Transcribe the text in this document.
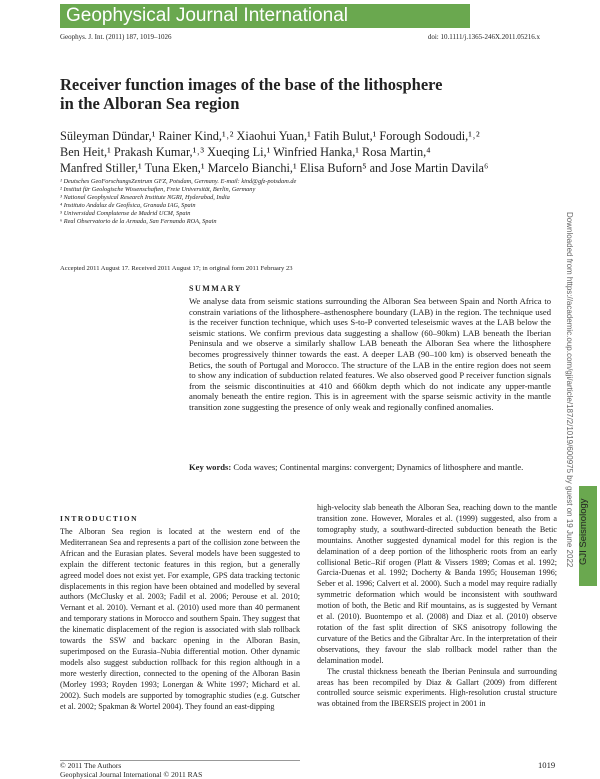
Geophysical Journal International
Geophys. J. Int. (2011) 187, 1019–1026	doi: 10.1111/j.1365-246X.2011.05216.x
Receiver function images of the base of the lithosphere
in the Alboran Sea region
Süleyman Dündar,¹ Rainer Kind,¹˒² Xiaohui Yuan,¹ Fatih Bulut,¹ Forough Sodoudi,¹˒²
Ben Heit,¹ Prakash Kumar,¹˒³ Xueqing Li,¹ Winfried Hanka,¹ Rosa Martin,⁴
Manfred Stiller,¹ Tuna Eken,¹ Marcelo Bianchi,¹ Elisa Buforn⁵ and Jose Martin Davila⁶
¹ Deutsches GeoForschungsZentrum GFZ, Potsdam, Germany. E-mail: kind@gfz-potsdam.de
² Institut für Geologische Wissenschaften, Freie Universität, Berlin, Germany
³ National Geophysical Research Institute NGRI, Hyderabad, India
⁴ Instituto Andaluz de Geofísica, Granada IAG, Spain
⁵ Universidad Complutense de Madrid UCM, Spain
⁶ Real Observatorio de la Armada, San Fernando ROA, Spain
Accepted 2011 August 17. Received 2011 August 17; in original form 2011 February 23
SUMMARY

We analyse data from seismic stations surrounding the Alboran Sea between Spain and North Africa to constrain variations of the lithosphere–asthenosphere boundary (LAB) in the region. The technique used is the receiver function technique, which uses S-to-P converted teleseismic waves at the LAB below the seismic stations. We confirm previous data suggesting a shallow (60–90km) LAB beneath the Iberian Peninsula and we observe a similarly shallow LAB beneath the Alboran Sea where the lithosphere becomes progressively thinner towards the east. A deeper LAB (90–100 km) is observed beneath the Betics, the south of Portugal and Morocco. The structure of the LAB in the entire region does not seem to show any indication of subduction related features. We also observed good P receiver function signals from the seismic discontinuities at 410 and 660km depth which do not indicate any upper-mantle anomaly beneath the entire region. This is in agreement with the sparse seismic activity in the mantle transition zone suggesting the presence of only weak and regionally confined anomalies.

Key words: Coda waves; Continental margins: convergent; Dynamics of lithosphere and mantle.
INTRODUCTION

The Alboran Sea region is located at the western end of the Mediterranean Sea and represents a part of the collision zone between the African and the Eurasian plates. Several models have been suggested to explain the different tectonic features in this region, but a generally agreed model does not exist yet. For example, GPS data tracking tectonic displacements in this region have been obtained and modelled by several authors (McClusky et al. 2003; Fadil et al. 2006; Perouse et al. 2010; Vernant et al. 2010). Vernant et al. (2010) used more than 40 permanent and temporary stations in Morocco and southern Spain. They suggest that the kinematic displacement of the region is associated with slab rollback towards the SSW and backarc opening in the Alboran Basin, superimposed on the Eurasia–Nubia differential motion. Other dynamic models also suggest subduction rollback for this region although in a more westerly direction, connected to the opening of the Alboran Basin (Morley 1993; Royden 1993; Lonergan & White 1997; Michard et al. 2002). Such models are supported by tomographic studies (e.g. Gutscher et al. 2002; Spakman & Wortel 2004). They found an east-dipping

high-velocity slab beneath the Alboran Sea, reaching down to the mantle transition zone. However, Morales et al. (1999) suggested, also from a tomography study, a southward-directed subduction beneath the Betic mountains. Another suggested dynamical model for this region is the delamination of a deep portion of the lithospheric roots from an early collisional Betic–Rif orogen (Platt & Vissers 1989; Comas et al. 1992; Garcia-Duenas et al. 1992; Docherty & Banda 1995; Houseman 1996; Seber et al. 1996; Calvert et al. 2000). Such a model may require radially symmetric deformation which would be inconsistent with southward motion of both, the Betic and Rif mountains, as is suggested by Vernant et al. (2010). Buontempo et al. (2008) and Diaz et al. (2010) observe rotation of the fast split direction of SKS anisotropy following the curvature of the Betics and the Gibraltar Arc. In the interpretation of their observations, they favour the slab rollback model rather than the delamination model.

The crustal thickness beneath the Iberian Peninsula and surrounding areas has been recompiled by Diaz & Gallart (2009) from different controlled source seismic experiments. High-resolution crustal structure was obtained from the IBERSEIS project in 2001 in

© 2011 The Authors
Geophysical Journal International © 2011 RAS
1019
Downloaded from https://academic.oup.com/gji/article/187/2/1019/600975 by guest on 19 June 2022 GJI Seismology
